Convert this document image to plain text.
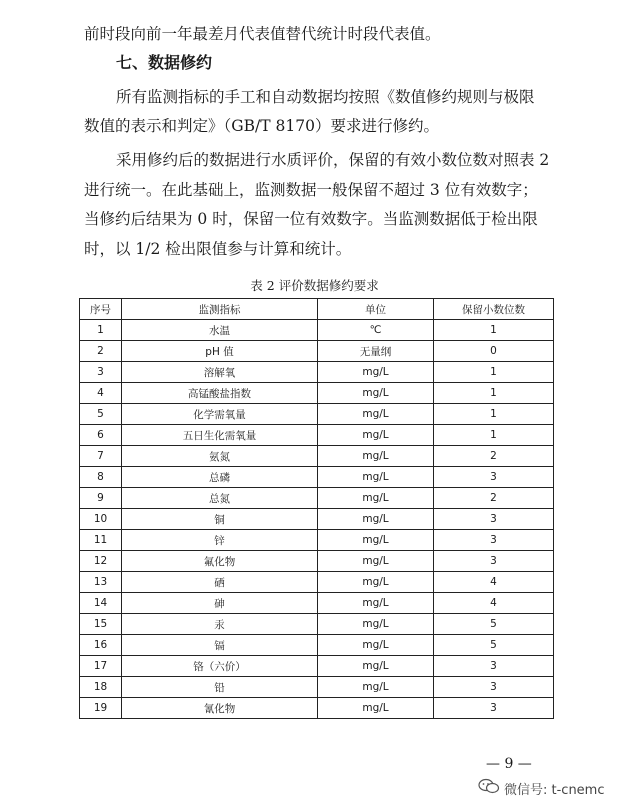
前时段向前一年最差月代表值替代统计时段代表值。
七、数据修约
所有监测指标的手工和自动数据均按照《数值修约规则与极限
数值的表示和判定》（GB/T 8170）要求进行修约。
采用修约后的数据进行水质评价，保留的有效小数位数对照表 2
进行统一。在此基础上，监测数据一般保留不超过 3 位有效数字；
当修约后结果为 0 时，保留一位有效数字。当监测数据低于检出限
时，以 1/2 检出限值参与计算和统计。
表 2 评价数据修约要求
序号	监测指标	单位	保留小数位数
1	水温	℃	1
2	pH 值	无量纲	0
3	溶解氧	mg/L	1
4	高锰酸盐指数	mg/L	1
5	化学需氧量	mg/L	1
6	五日生化需氧量	mg/L	1
7	氨氮	mg/L	2
8	总磷	mg/L	3
9	总氮	mg/L	2
10	铜	mg/L	3
11	锌	mg/L	3
12	氟化物	mg/L	3
13	硒	mg/L	4
14	砷	mg/L	4
15	汞	mg/L	5
16	镉	mg/L	5
17	铬（六价）	mg/L	3
18	铅	mg/L	3
19	氰化物	mg/L	3
— 9 —
微信号: t-cnemc
